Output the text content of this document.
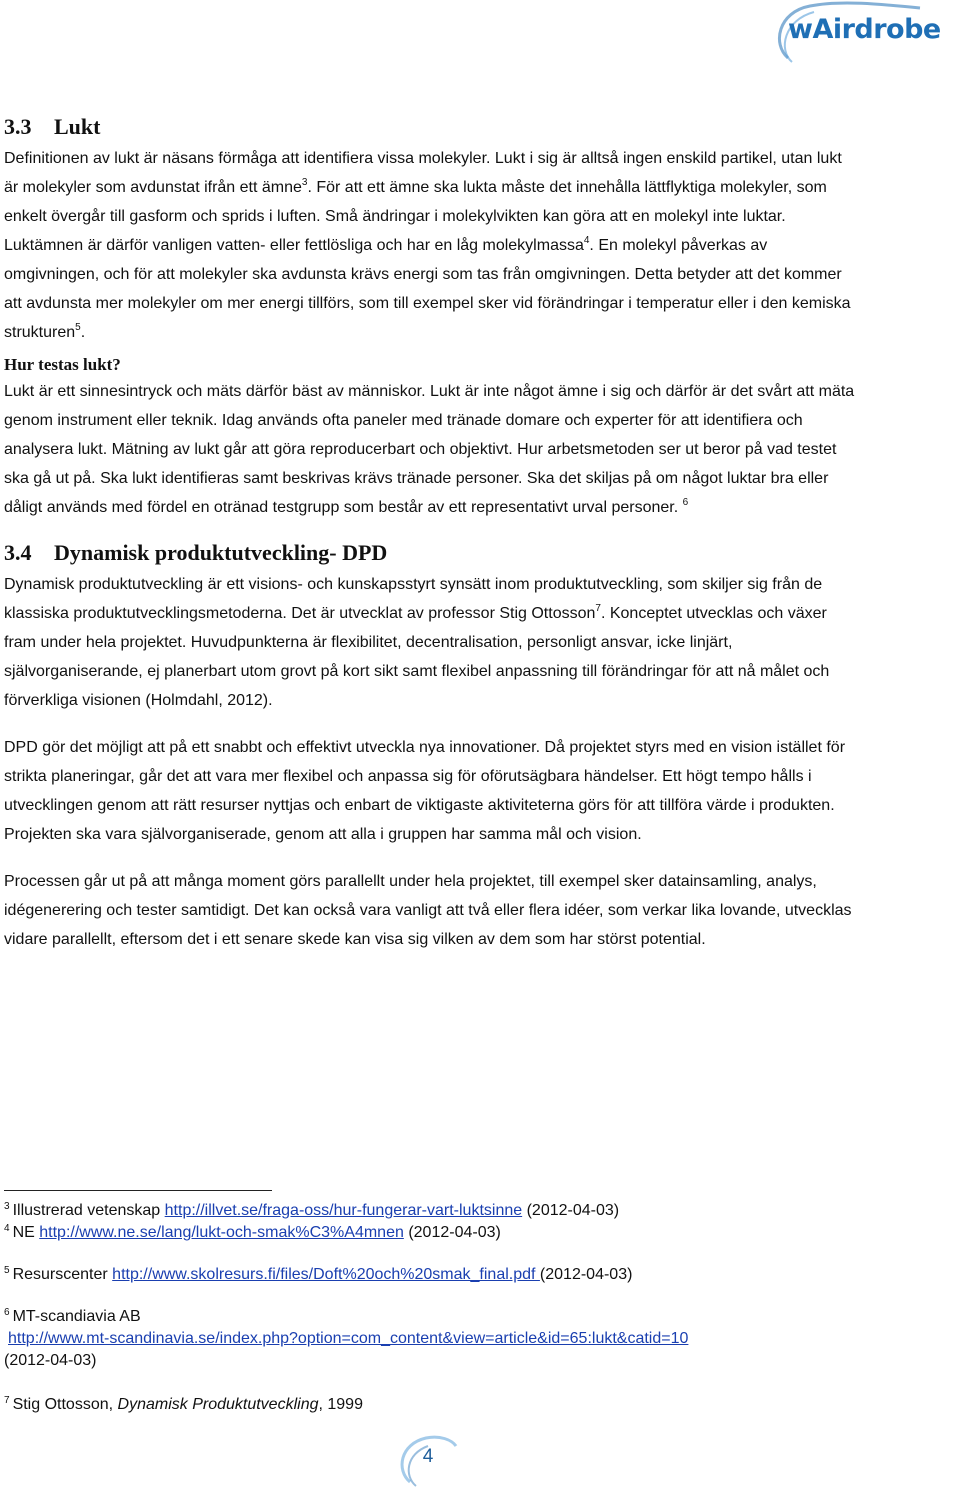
wAirdrobe
3.3 Lukt

Definitionen av lukt är näsans förmåga att identifiera vissa molekyler. Lukt i sig är alltså ingen enskild partikel, utan lukt är molekyler som avdunstat ifrån ett ämne$^3$. För att ett ämne ska lukta måste det innehålla lättflyktiga molekyler, som enkelt övergår till gasform och sprids i luften. Små ändringar i molekylvikten kan göra att en molekyl inte luktar. Luktämnen är därför vanligen vatten- eller fettlösliga och har en låg molekylmassa$^4$. En molekyl påverkas av omgivningen, och för att molekyler ska avdunsta krävs energi som tas från omgivningen. Detta betyder att det kommer att avdunsta mer molekyler om mer energi tillförs, som till exempel sker vid förändringar i temperatur eller i den kemiska strukturen$^5$.

Hur testas lukt?

Lukt är ett sinnesintryck och mäts därför bäst av människor. Lukt är inte något ämne i sig och därför är det svårt att mäta genom instrument eller teknik. Idag används ofta paneler med tränade domare och experter för att identifiera och analysera lukt. Mätning av lukt går att göra reproducerbart och objektivt. Hur arbetsmetoden ser ut beror på vad testet ska gå ut på. Ska lukt identifieras samt beskrivas krävs tränade personer. Ska det skiljas på om något luktar bra eller dåligt används med fördel en otränad testgrupp som består av ett representativt urval personer. $^6$

3.4 Dynamisk produktutveckling- DPD

Dynamisk produktutveckling är ett visions- och kunskapsstyrt synsätt inom produktutveckling, som skiljer sig från de klassiska produktutvecklingsmetoderna. Det är utvecklat av professor Stig Ottosson$^7$. Konceptet utvecklas och växer fram under hela projektet. Huvudpunkterna är flexibilitet, decentralisation, personligt ansvar, icke linjärt, självorganiserande, ej planerbart utom grovt på kort sikt samt flexibel anpassning till förändringar för att nå målet och förverkliga visionen (Holmdahl, 2012).

DPD gör det möjligt att på ett snabbt och effektivt utveckla nya innovationer. Då projektet styrs med en vision istället för strikta planeringar, går det att vara mer flexibel och anpassa sig för oförutsägbara händelser. Ett högt tempo hålls i utvecklingen genom att rätt resurser nyttjas och enbart de viktigaste aktiviteterna görs för att tillföra värde i produkten. Projekten ska vara självorganiserade, genom att alla i gruppen har samma mål och vision.

Processen går ut på att många moment görs parallellt under hela projektet, till exempel sker datainsamling, analys, idégenerering och tester samtidigt. Det kan också vara vanligt att två eller flera idéer, som verkar lika lovande, utvecklas vidare parallellt, eftersom det i ett senare skede kan visa sig vilken av dem som har störst potential.

$^3$ Illustrerad vetenskap http://illvet.se/fraga-oss/hur-fungerar-vart-luktsinne (2012-04-03)

$^4$ NE http://www.ne.se/lang/lukt-och-smak%C3%A4mnen (2012-04-03)

$^5$ Resurscenter http://www.skolresurs.fi/files/Doft%20och%20smak_final.pdf (2012-04-03)

$^6$ MT-scandiavia AB

http://www.mt-scandinavia.se/index.php?option=com_content&view=article&id=65:lukt&catid=10

(2012-04-03)

$^7$ Stig Ottosson, Dynamisk Produktutveckling, 1999

4
